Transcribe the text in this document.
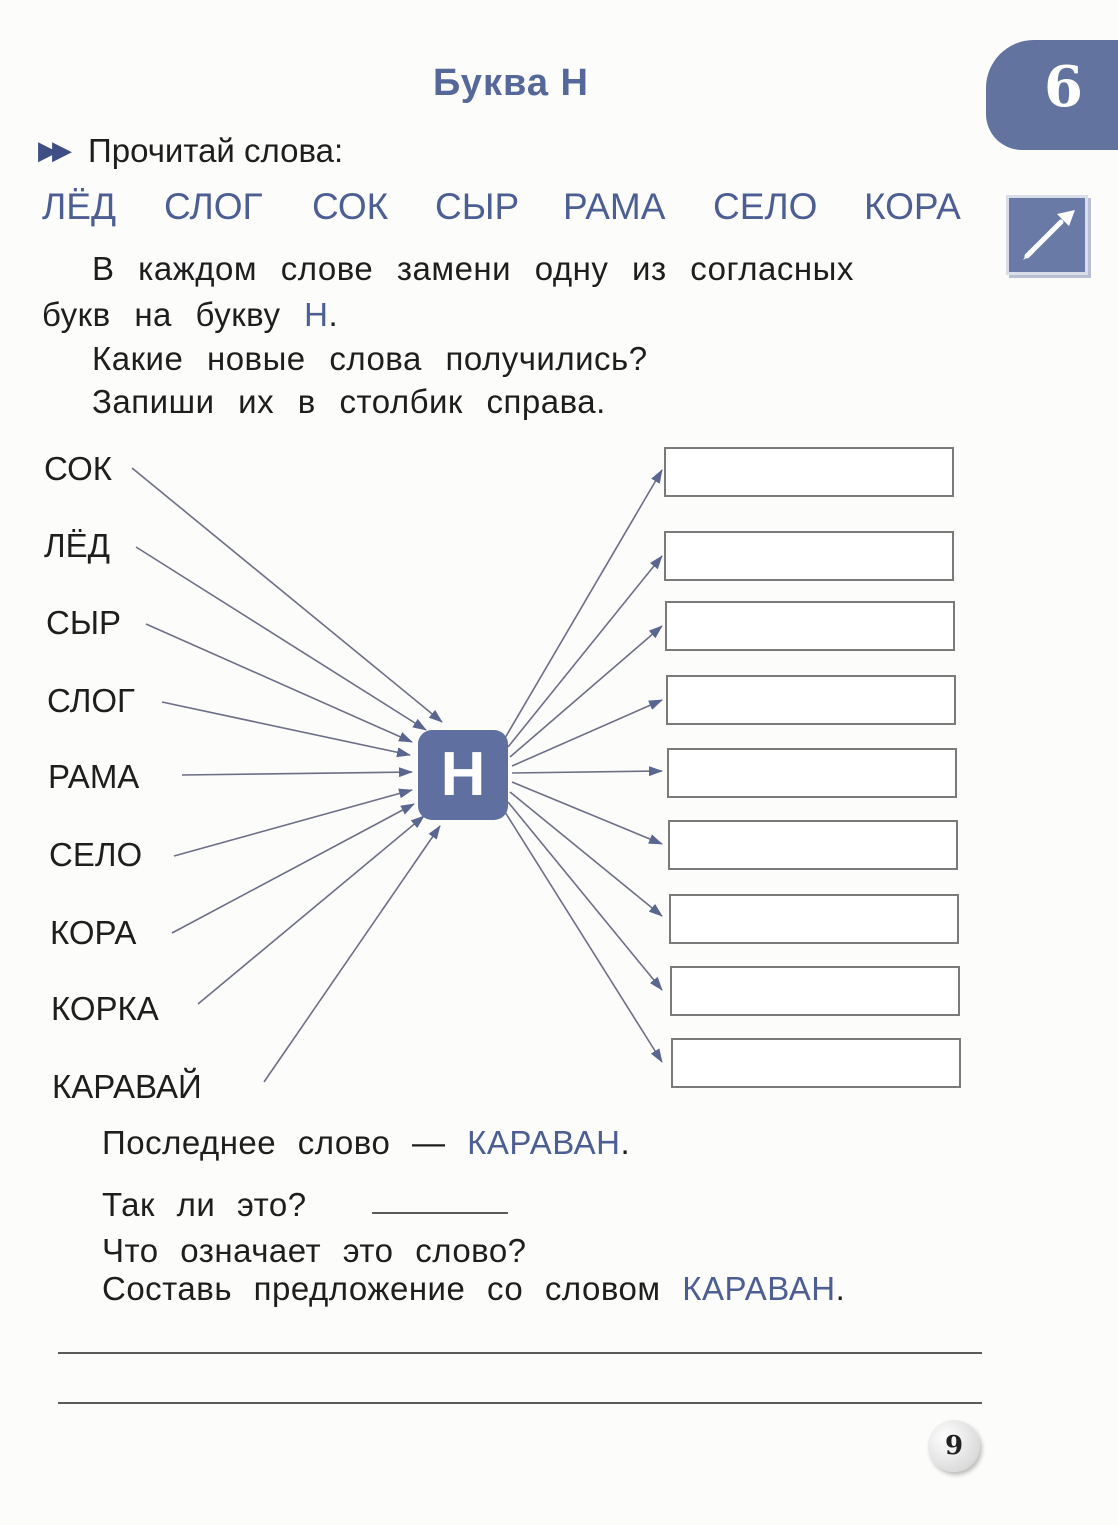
Буква Н	6
▶▶ Прочитай слова:
ЛЁД СЛОГ СОК СЫР РАМА СЕЛО КОРА
В каждом слове замени одну из согласных
букв на букву Н.
Какие новые слова получились?
Запиши их в столбик справа.
СОК
ЛЁД
СЫР
СЛОГ
РАМА
СЕЛО
КОРА
КОРКА
КАРАВАЙ
Н
Последнее слово — КАРАВАН.
Так ли это?
Что означает это слово?
Составь предложение со словом КАРАВАН.
9
